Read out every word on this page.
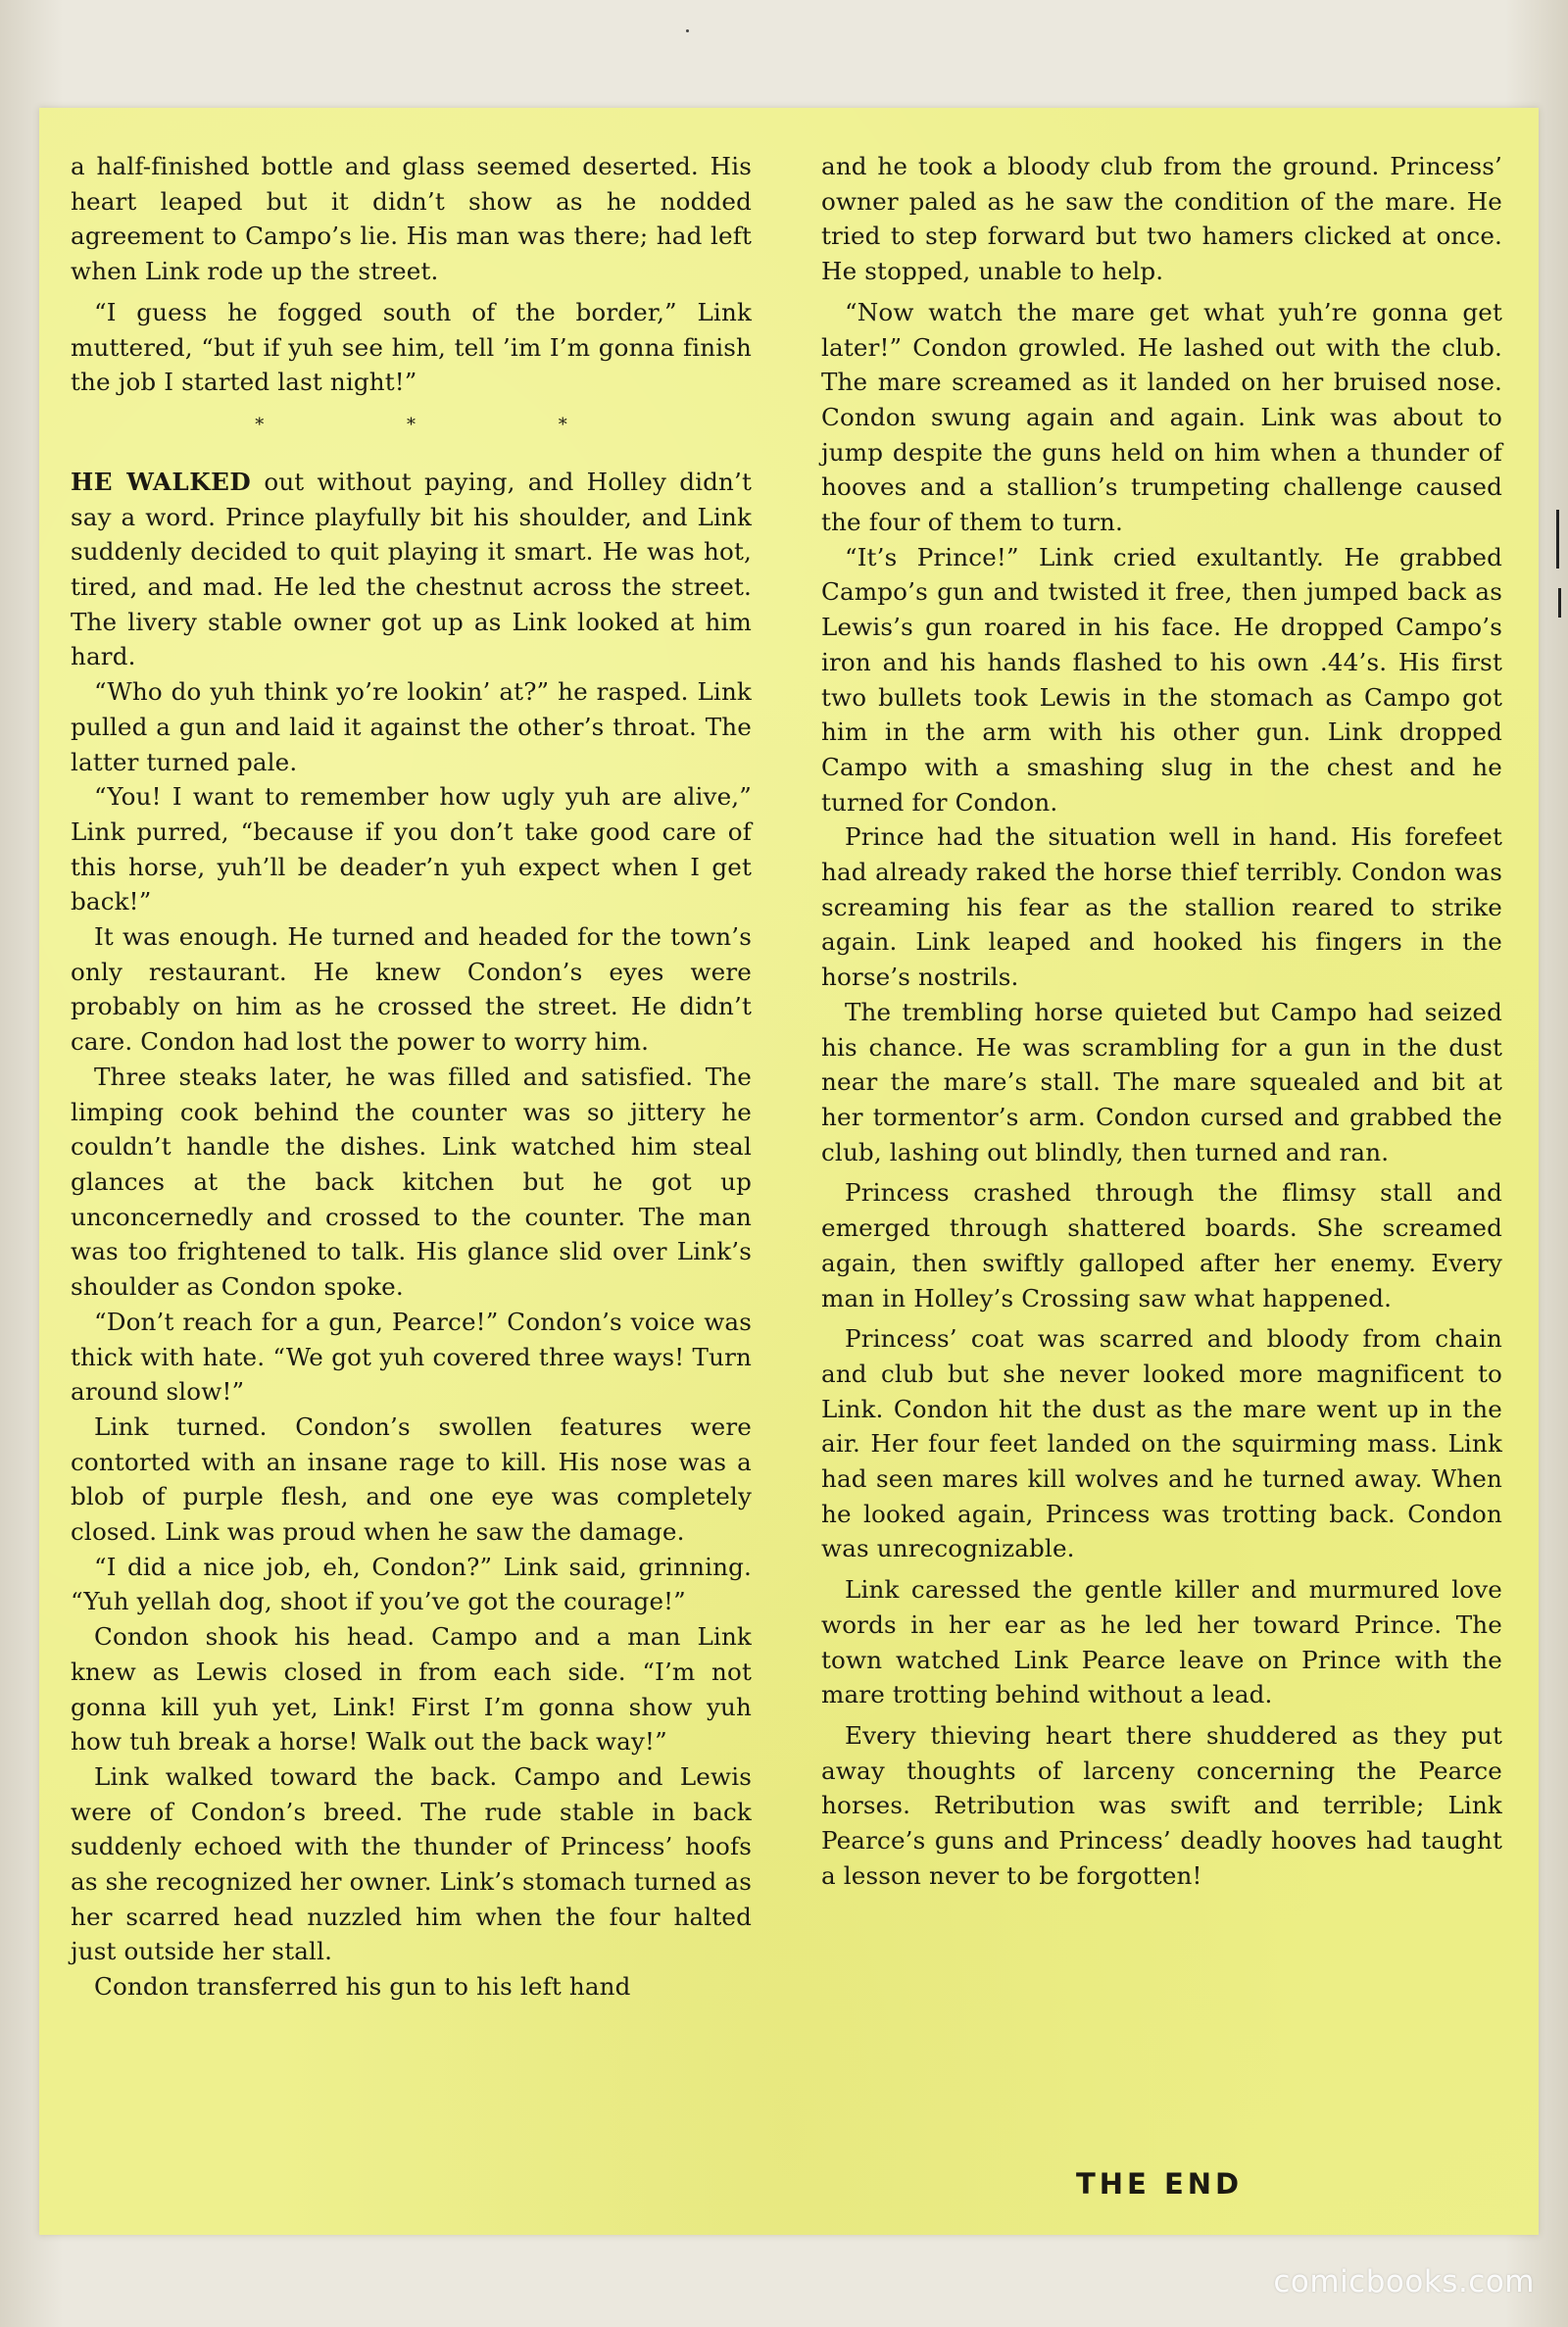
a half-finished bottle and glass seemed deserted. His heart leaped but it didn’t show as he nodded agreement to Campo’s lie. His man was there; had left when Link rode up the street.

“I guess he fogged south of the border,” Link muttered, “but if yuh see him, tell ’im I’m gonna finish the job I started last night!”

* * *

HE WALKED out without paying, and Holley didn’t say a word. Prince playfully bit his shoulder, and Link suddenly decided to quit playing it smart. He was hot, tired, and mad. He led the chestnut across the street. The livery stable owner got up as Link looked at him hard.

“Who do yuh think yo’re lookin’ at?” he rasped. Link pulled a gun and laid it against the other’s throat. The latter turned pale.

“You! I want to remember how ugly yuh are alive,” Link purred, “because if you don’t take good care of this horse, yuh’ll be deader’n yuh expect when I get back!”

It was enough. He turned and headed for the town’s only restaurant. He knew Condon’s eyes were probably on him as he crossed the street. He didn’t care. Condon had lost the power to worry him.

Three steaks later, he was filled and satisfied. The limping cook behind the counter was so jittery he couldn’t handle the dishes. Link watched him steal glances at the back kitchen but he got up unconcernedly and crossed to the counter. The man was too frightened to talk. His glance slid over Link’s shoulder as Condon spoke.

“Don’t reach for a gun, Pearce!” Condon’s voice was thick with hate. “We got yuh covered three ways! Turn around slow!”

Link turned. Condon’s swollen features were contorted with an insane rage to kill. His nose was a blob of purple flesh, and one eye was completely closed. Link was proud when he saw the damage.

“I did a nice job, eh, Condon?” Link said, grinning. “Yuh yellah dog, shoot if you’ve got the courage!”

Condon shook his head. Campo and a man Link knew as Lewis closed in from each side. “I’m not gonna kill yuh yet, Link! First I’m gonna show yuh how tuh break a horse! Walk out the back way!”

Link walked toward the back. Campo and Lewis were of Condon’s breed. The rude stable in back suddenly echoed with the thunder of Princess’ hoofs as she recognized her owner. Link’s stomach turned as her scarred head nuzzled him when the four halted just outside her stall.

Condon transferred his gun to his left hand

and he took a bloody club from the ground. Princess’ owner paled as he saw the condition of the mare. He tried to step forward but two hamers clicked at once. He stopped, unable to help.

“Now watch the mare get what yuh’re gonna get later!” Condon growled. He lashed out with the club. The mare screamed as it landed on her bruised nose. Condon swung again and again. Link was about to jump despite the guns held on him when a thunder of hooves and a stallion’s trumpeting challenge caused the four of them to turn.

“It’s Prince!” Link cried exultantly. He grabbed Campo’s gun and twisted it free, then jumped back as Lewis’s gun roared in his face. He dropped Campo’s iron and his hands flashed to his own .44’s. His first two bullets took Lewis in the stomach as Campo got him in the arm with his other gun. Link dropped Campo with a smashing slug in the chest and he turned for Condon.

Prince had the situation well in hand. His forefeet had already raked the horse thief terribly. Condon was screaming his fear as the stallion reared to strike again. Link leaped and hooked his fingers in the horse’s nostrils.

The trembling horse quieted but Campo had seized his chance. He was scrambling for a gun in the dust near the mare’s stall. The mare squealed and bit at her tormentor’s arm. Condon cursed and grabbed the club, lashing out blindly, then turned and ran.

Princess crashed through the flimsy stall and emerged through shattered boards. She screamed again, then swiftly galloped after her enemy. Every man in Holley’s Crossing saw what happened.

Princess’ coat was scarred and bloody from chain and club but she never looked more magnificent to Link. Condon hit the dust as the mare went up in the air. Her four feet landed on the squirming mass. Link had seen mares kill wolves and he turned away. When he looked again, Princess was trotting back. Condon was unrecognizable.

Link caressed the gentle killer and murmured love words in her ear as he led her toward Prince. The town watched Link Pearce leave on Prince with the mare trotting behind without a lead.

Every thieving heart there shuddered as they put away thoughts of larceny concerning the Pearce horses. Retribution was swift and terrible; Link Pearce’s guns and Princess’ deadly hooves had taught a lesson never to be forgotten!

THE END
comicbooks.com
